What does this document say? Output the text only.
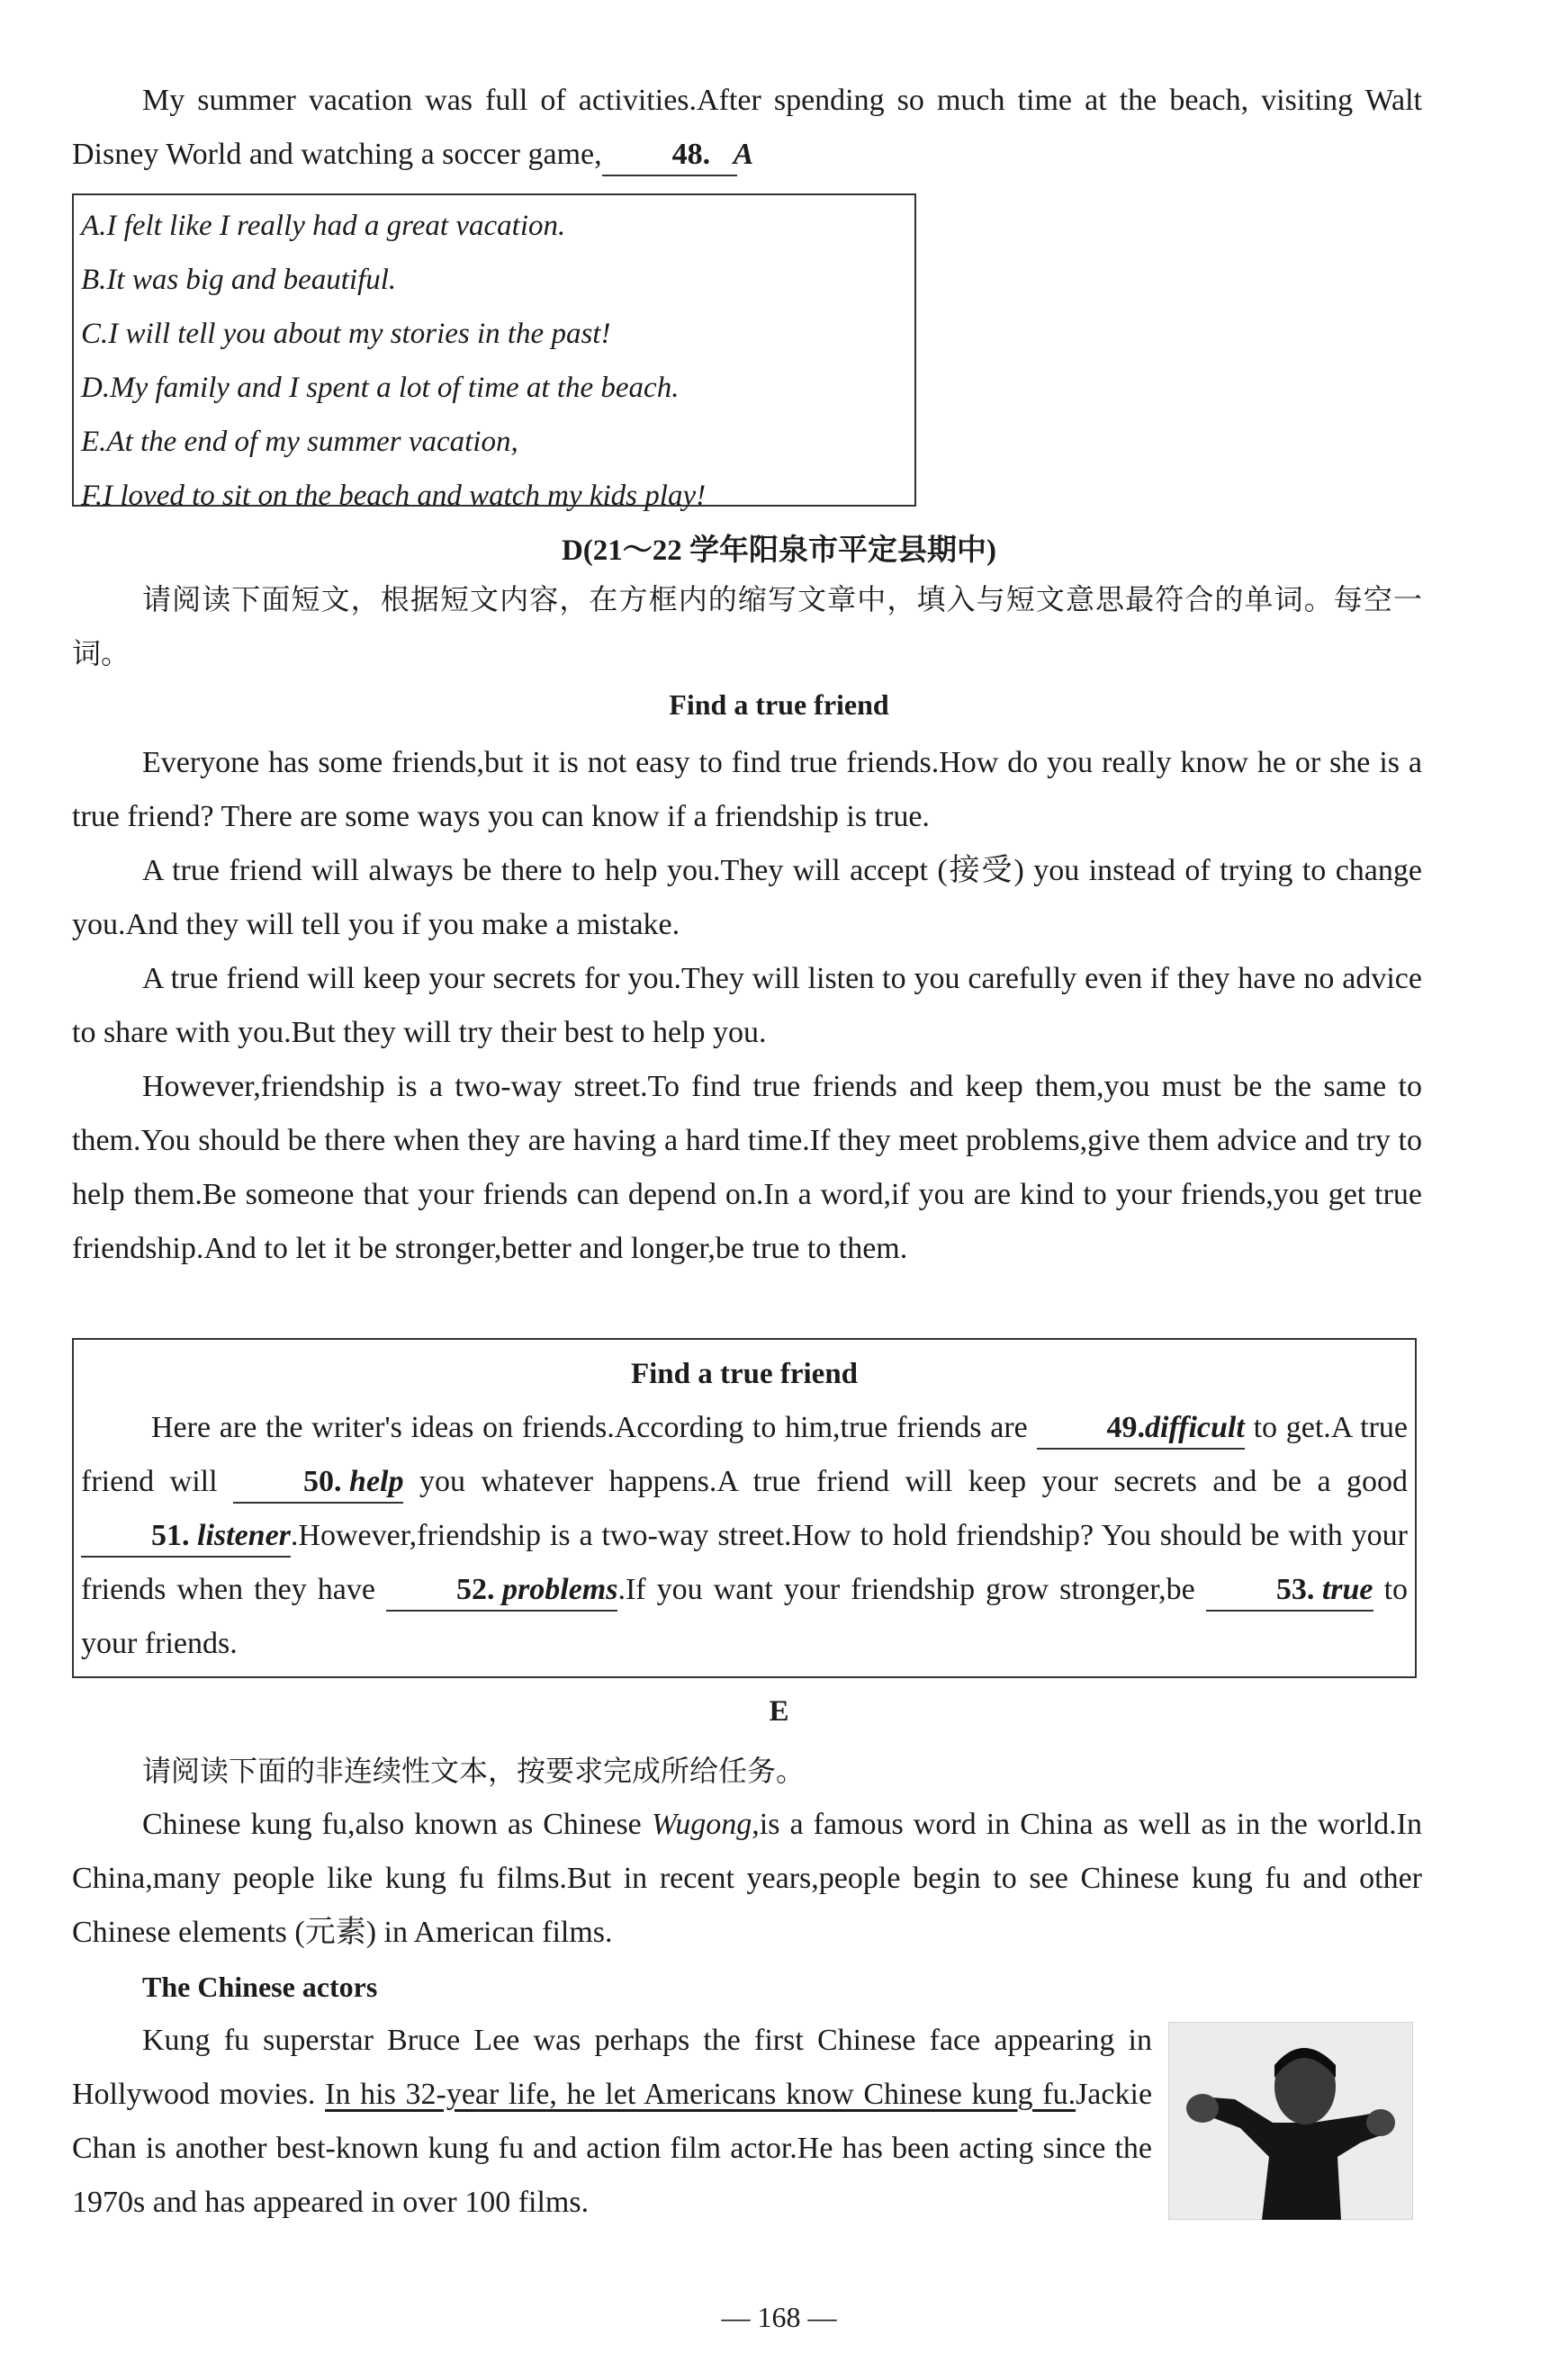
My summer vacation was full of activities.After spending so much time at the beach, visiting Walt Disney World and watching a soccer game, 48. A

A.I felt like I really had a great vacation.

B.It was big and beautiful.

C.I will tell you about my stories in the past!

D.My family and I spent a lot of time at the beach.

E.At the end of my summer vacation,

F.I loved to sit on the beach and watch my kids play!

D(21～22 学年阳泉市平定县期中)

请阅读下面短文，根据短文内容，在方框内的缩写文章中，填入与短文意思最符合的单词。每空一词。

Find a true friend

Everyone has some friends,but it is not easy to find true friends.How do you really know he or she is a true friend? There are some ways you can know if a friendship is true.

A true friend will always be there to help you.They will accept (接受) you instead of trying to change you.And they will tell you if you make a mistake.

A true friend will keep your secrets for you.They will listen to you carefully even if they have no advice to share with you.But they will try their best to help you.

However,friendship is a two-way street.To find true friends and keep them,you must be the same to them.You should be there when they are having a hard time.If they meet problems,give them advice and try to help them.Be someone that your friends can depend on.In a word,if you are kind to your friends,you get true friendship.And to let it be stronger,better and longer,be true to them.

Find a true friend

Here are the writer's ideas on friends.According to him,true friends are	49.difficult to get.A true friend will	50. help you whatever happens.A true friend will keep your secrets and be a good 51. listener.However,friendship is a two-way street.How to hold friendship? You should be with your friends when they have	52. problems.If you want your friendship grow stronger,be	53. true to your friends.

E

请阅读下面的非连续性文本，按要求完成所给任务。

Chinese kung fu,also known as Chinese Wugong,is a famous word in China as well as in the world.In China,many people like kung fu films.But in recent years,people begin to see Chinese kung fu and other Chinese elements (元素) in American films.

The Chinese actors

Kung fu superstar Bruce Lee was perhaps the first Chinese face appearing in Hollywood movies. In his 32-year life, he let Americans know Chinese kung fu.Jackie Chan is another best-known kung fu and action film actor.He has been acting since the 1970s and has appeared in over 100 films.

— 168 —
